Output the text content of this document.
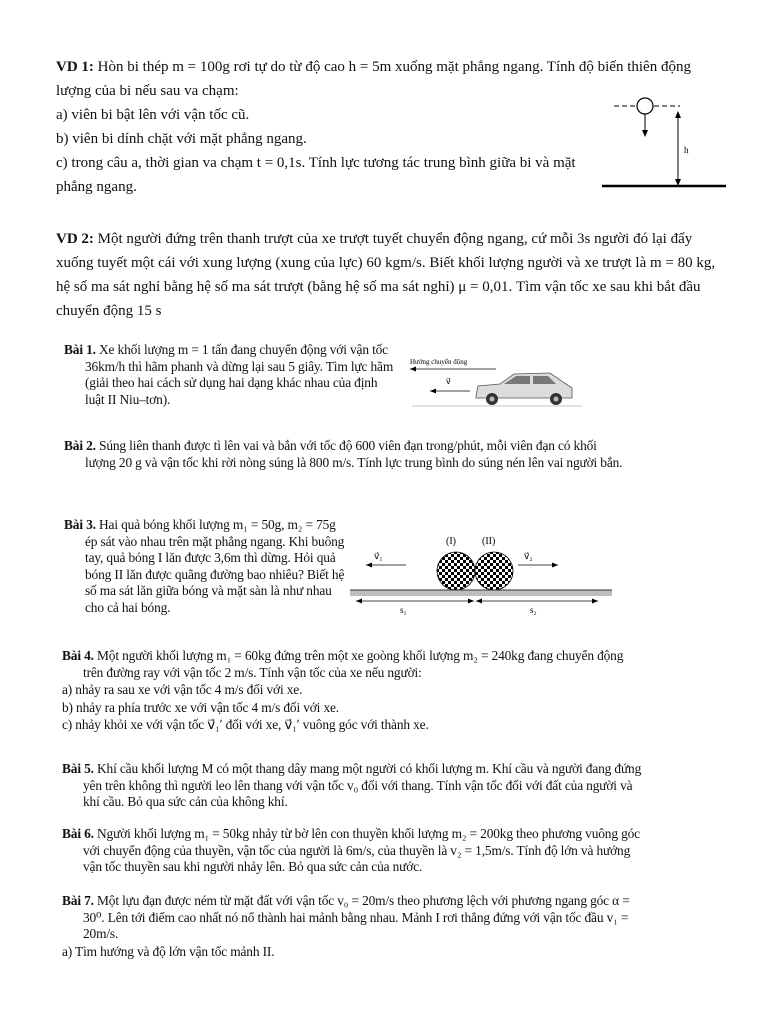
VD 1: Hòn bi thép m = 100g rơi tự do từ độ cao h = 5m xuống mặt phẳng ngang. Tính độ biến thiên động lượng của bi nếu sau va chạm:

a) viên bi bật lên với vận tốc cũ.

b) viên bi dính chặt với mặt phẳng ngang.

c) trong câu a, thời gian va chạm t = 0,1s. Tính lực tương tác trung bình giữa bi và mặt phẳng ngang.

h

VD 2: Một người đứng trên thanh trượt của xe trượt tuyết chuyển động ngang, cứ mỗi 3s người đó lại đẩy xuống tuyết một cái với xung lượng (xung của lực) 60 kgm/s. Biết khối lượng người và xe trượt là m = 80 kg, hệ số ma sát nghỉ bằng hệ số ma sát trượt (bằng hệ số ma sát nghỉ) μ = 0,01. Tìm vận tốc xe sau khi bắt đầu chuyển động 15 s

Bài 1. Xe khối lượng m = 1 tấn đang chuyển động với vận tốc 36km/h thì hãm phanh và dừng lại sau 5 giây. Tìm lực hãm (giải theo hai cách sử dụng hai dạng khác nhau của định luật II Niu–tơn).
Hướng chuyển động
v⃗
Bài 2. Súng liên thanh được tì lên vai và bắn với tốc độ 600 viên đạn trong/phút, mỗi viên đạn có khối lượng 20 g và vận tốc khi rời nòng súng là 800 m/s. Tính lực trung bình do súng nén lên vai người bắn.
Bài 3. Hai quả bóng khối lượng m₁ = 50g, m₂ = 75g ép sát vào nhau trên mặt phẳng ngang. Khi buông tay, quả bóng I lăn được 3,6m thì dừng. Hỏi quả bóng II lăn được quãng đường bao nhiêu? Biết hệ số ma sát lăn giữa bóng và mặt sàn là như nhau cho cả hai bóng.
(I)	(II)
v⃗₁	v⃗₂
s₁	s₂
Bài 4. Một người khối lượng m₁ = 60kg đứng trên một xe goòng khối lượng m₂ = 240kg đang chuyển động trên đường ray với vận tốc 2 m/s. Tính vận tốc của xe nếu người:
a) nhảy ra sau xe với vận tốc 4 m/s đối với xe.
b) nhảy ra phía trước xe với vận tốc 4 m/s đối với xe.
c) nhảy khỏi xe với vận tốc v⃗₁ʹ đối với xe, v⃗₁ʹ vuông góc với thành xe.
Bài 5. Khí cầu khối lượng M có một thang dây mang một người có khối lượng m. Khí cầu và người đang đứng yên trên không thì người leo lên thang với vận tốc v₀ đối với thang. Tính vận tốc đối với đất của người và khí cầu. Bỏ qua sức cản của không khí.
Bài 6. Người khối lượng m₁ = 50kg nhảy từ bờ lên con thuyền khối lượng m₂ = 200kg theo phương vuông góc với chuyển động của thuyền, vận tốc của người là 6m/s, của thuyền là v₂ = 1,5m/s. Tính độ lớn và hướng vận tốc thuyền sau khi người nhảy lên. Bỏ qua sức cản của nước.
Bài 7. Một lựu đạn được ném từ mặt đất với vận tốc v₀ = 20m/s theo phương lệch với phương ngang góc α = 30⁰. Lên tới điểm cao nhất nó nổ thành hai mảnh bằng nhau. Mảnh I rơi thẳng đứng với vận tốc đầu v₁ = 20m/s.
a) Tìm hướng và độ lớn vận tốc mảnh II.
